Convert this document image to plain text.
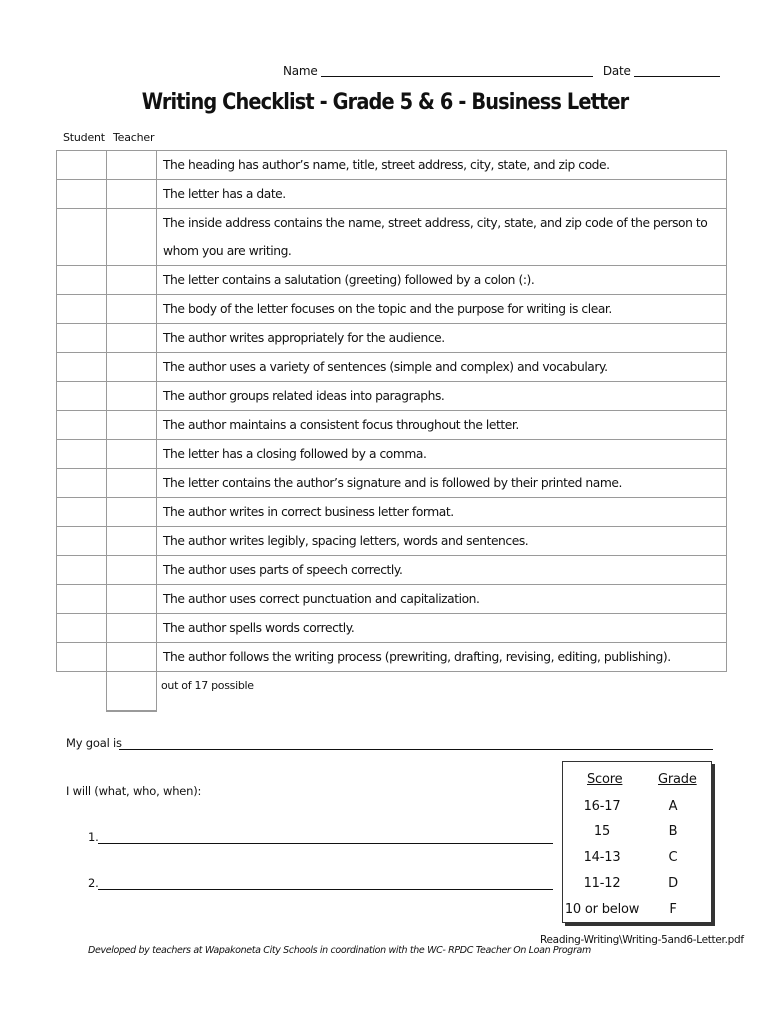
Name	Date
Writing Checklist - Grade 5 & 6 - Business Letter
Student Teacher
		The heading has author’s name, title, street address, city, state, and zip code.
		The letter has a date.
		The inside address contains the name, street address, city, state, and zip code of the person to whom you are writing.
		The letter contains a salutation (greeting) followed by a colon (:).
		The body of the letter focuses on the topic and the purpose for writing is clear.
		The author writes appropriately for the audience.
		The author uses a variety of sentences (simple and complex) and vocabulary.
		The author groups related ideas into paragraphs.
		The author maintains a consistent focus throughout the letter.
		The letter has a closing followed by a comma.
		The letter contains the author’s signature and is followed by their printed name.
		The author writes in correct business letter format.
		The author writes legibly, spacing letters, words and sentences.
		The author uses parts of speech correctly.
		The author uses correct punctuation and capitalization.
		The author spells words correctly.
		The author follows the writing process (prewriting, drafting, revising, editing, publishing).
out of 17 possible
My goal is
I will (what, who, when):
1.
2.
Score	Grade
16-17	A
15	B
14-13	C
11-12	D
10 or below	F
Developed by teachers at Wapakoneta City Schools in coordination with the WC- RPDC Teacher On Loan Program
Reading-Writing\Writing-5and6-Letter.pdf
